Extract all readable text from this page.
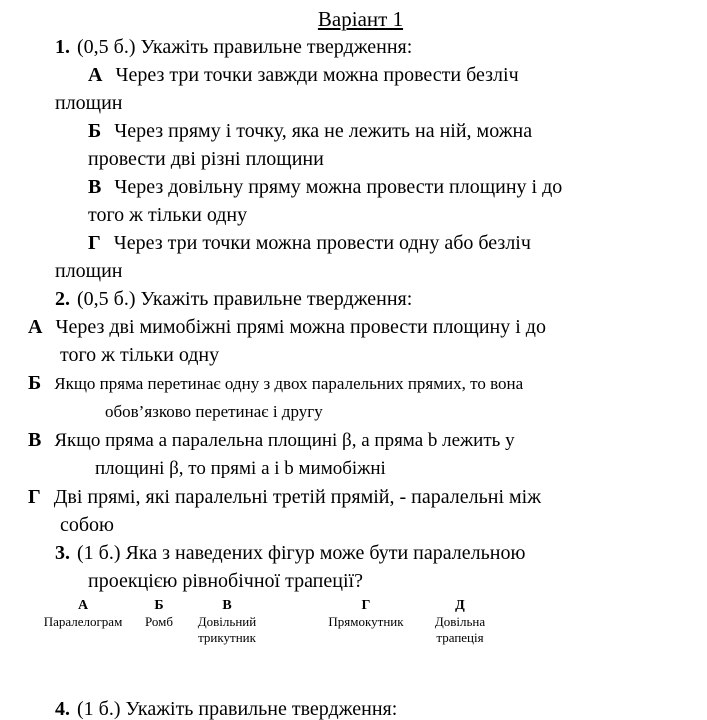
Варіант 1
1. (0,5 б.) Укажіть правильне твердження:
А Через три точки завжди можна провести безліч
площин
Б Через пряму і точку, яка не лежить на ній, можна
провести дві різні площини
В Через довільну пряму можна провести площину і до
того ж тільки одну
Г Через три точки можна провести одну або безліч
площин
2. (0,5 б.) Укажіть правильне твердження:
А Через дві мимобіжні прямі можна провести площину і до
того ж тільки одну
Б Якщо пряма перетинає одну з двох паралельних прямих, то вона
обов’язково перетинає і другу
В Якщо пряма a паралельна площині β, а пряма b лежить у
площині β, то прямі a і b мимобіжні
Г Дві прямі, які паралельні третій прямій, - паралельні між
собою
3. (1 б.) Яка з наведених фігур може бути паралельною
проекцією рівнобічної трапеції?
А
Паралелограм
Б
Ромб
В
Довільний трикутник
Г
Прямокутник
Д
Довільна трапеція
4. (1 б.) Укажіть правильне твердження:
